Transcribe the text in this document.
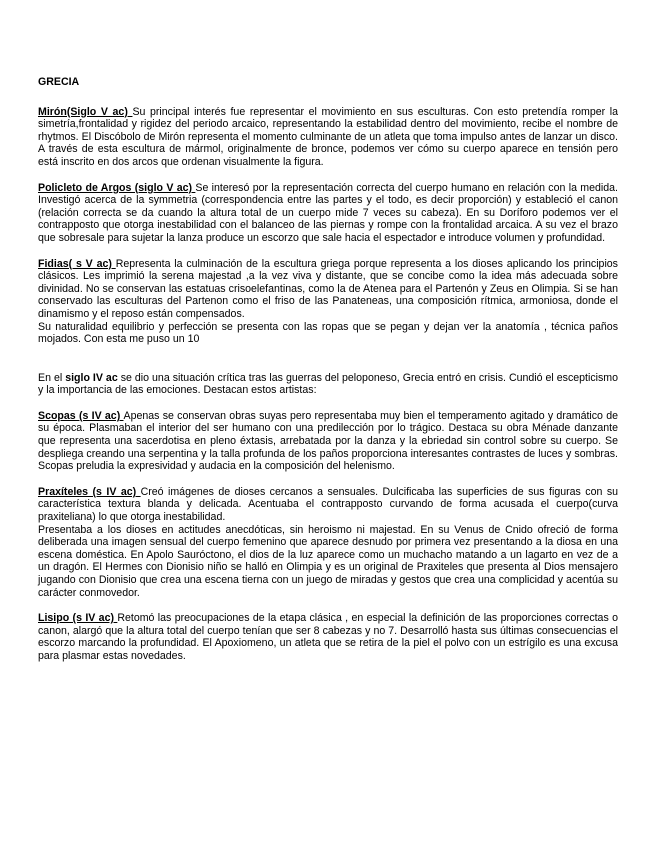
GRECIA

Mirón(Siglo V ac) Su principal interés fue representar el movimiento en sus esculturas. Con esto pretendía romper la simetría,frontalidad y rigidez del periodo arcaico, representando la estabilidad dentro del movimiento, recibe el nombre de rhytmos. El Discóbolo de Mirón representa el momento culminante de un atleta que toma impulso antes de lanzar un disco. A través de esta escultura de mármol, originalmente de bronce, podemos ver cómo su cuerpo aparece en tensión pero está inscrito en dos arcos que ordenan visualmente la figura.

Policleto de Argos (siglo V ac) Se interesó por la representación correcta del cuerpo humano en relación con la medida. Investigó acerca de la symmetria (correspondencia entre las partes y el todo, es decir proporción) y estableció el canon (relación correcta se da cuando la altura total de un cuerpo mide 7 veces su cabeza). En su Doríforo podemos ver el contrapposto que otorga inestabilidad con el balanceo de las piernas y rompe con la frontalidad arcaica. A su vez el brazo que sobresale para sujetar la lanza produce un escorzo que sale hacia el espectador e introduce volumen y profundidad.

Fidias( s V ac) Representa la culminación de la escultura griega porque representa a los dioses aplicando los principios clásicos. Les imprimió la serena majestad ,a la vez viva y distante, que se concibe como la idea más adecuada sobre divinidad. No se conservan las estatuas crisoelefantinas, como la de Atenea para el Partenón y Zeus en Olimpia. Si se han conservado las esculturas del Partenon como el friso de las Panateneas, una composición rítmica, armoniosa, donde el dinamismo y el reposo están compensados.

Su naturalidad equilibrio y perfección se presenta con las ropas que se pegan y dejan ver la anatomía , técnica paños mojados. Con esta me puso un 10

En el siglo IV ac se dio una situación crítica tras las guerras del peloponeso, Grecia entró en crisis. Cundió el escepticismo y la importancia de las emociones. Destacan estos artistas:

Scopas (s IV ac) Apenas se conservan obras suyas pero representaba muy bien el temperamento agitado y dramático de su época. Plasmaban el interior del ser humano con una predilección por lo trágico. Destaca su obra Ménade danzante que representa una sacerdotisa en pleno éxtasis, arrebatada por la danza y la ebriedad sin control sobre su cuerpo. Se despliega creando una serpentina y la talla profunda de los paños proporciona interesantes contrastes de luces y sombras. Scopas preludia la expresividad y audacia en la composición del helenismo.

Praxíteles (s IV ac) Creó imágenes de dioses cercanos a sensuales. Dulcificaba las superficies de sus figuras con su característica textura blanda y delicada. Acentuaba el contrapposto curvando de forma acusada el cuerpo(curva praxiteliana) lo que otorga inestabilidad.

Presentaba a los dioses en actitudes anecdóticas, sin heroismo ni majestad. En su Venus de Cnido ofreció de forma deliberada una imagen sensual del cuerpo femenino que aparece desnudo por primera vez presentando a la diosa en una escena doméstica. En Apolo Sauróctono, el dios de la luz aparece como un muchacho matando a un lagarto en vez de a un dragón. El Hermes con Dionisio niño se halló en Olimpia y es un original de Praxiteles que presenta al Dios mensajero jugando con Dionisio que crea una escena tierna con un juego de miradas y gestos que crea una complicidad y acentúa su carácter conmovedor.

Lisipo (s IV ac) Retomó las preocupaciones de la etapa clásica , en especial la definición de las proporciones correctas o canon, alargó que la altura total del cuerpo tenían que ser 8 cabezas y no 7. Desarrolló hasta sus últimas consecuencias el escorzo marcando la profundidad. El Apoxiomeno, un atleta que se retira de la piel el polvo con un estrígilo es una excusa para plasmar estas novedades.
